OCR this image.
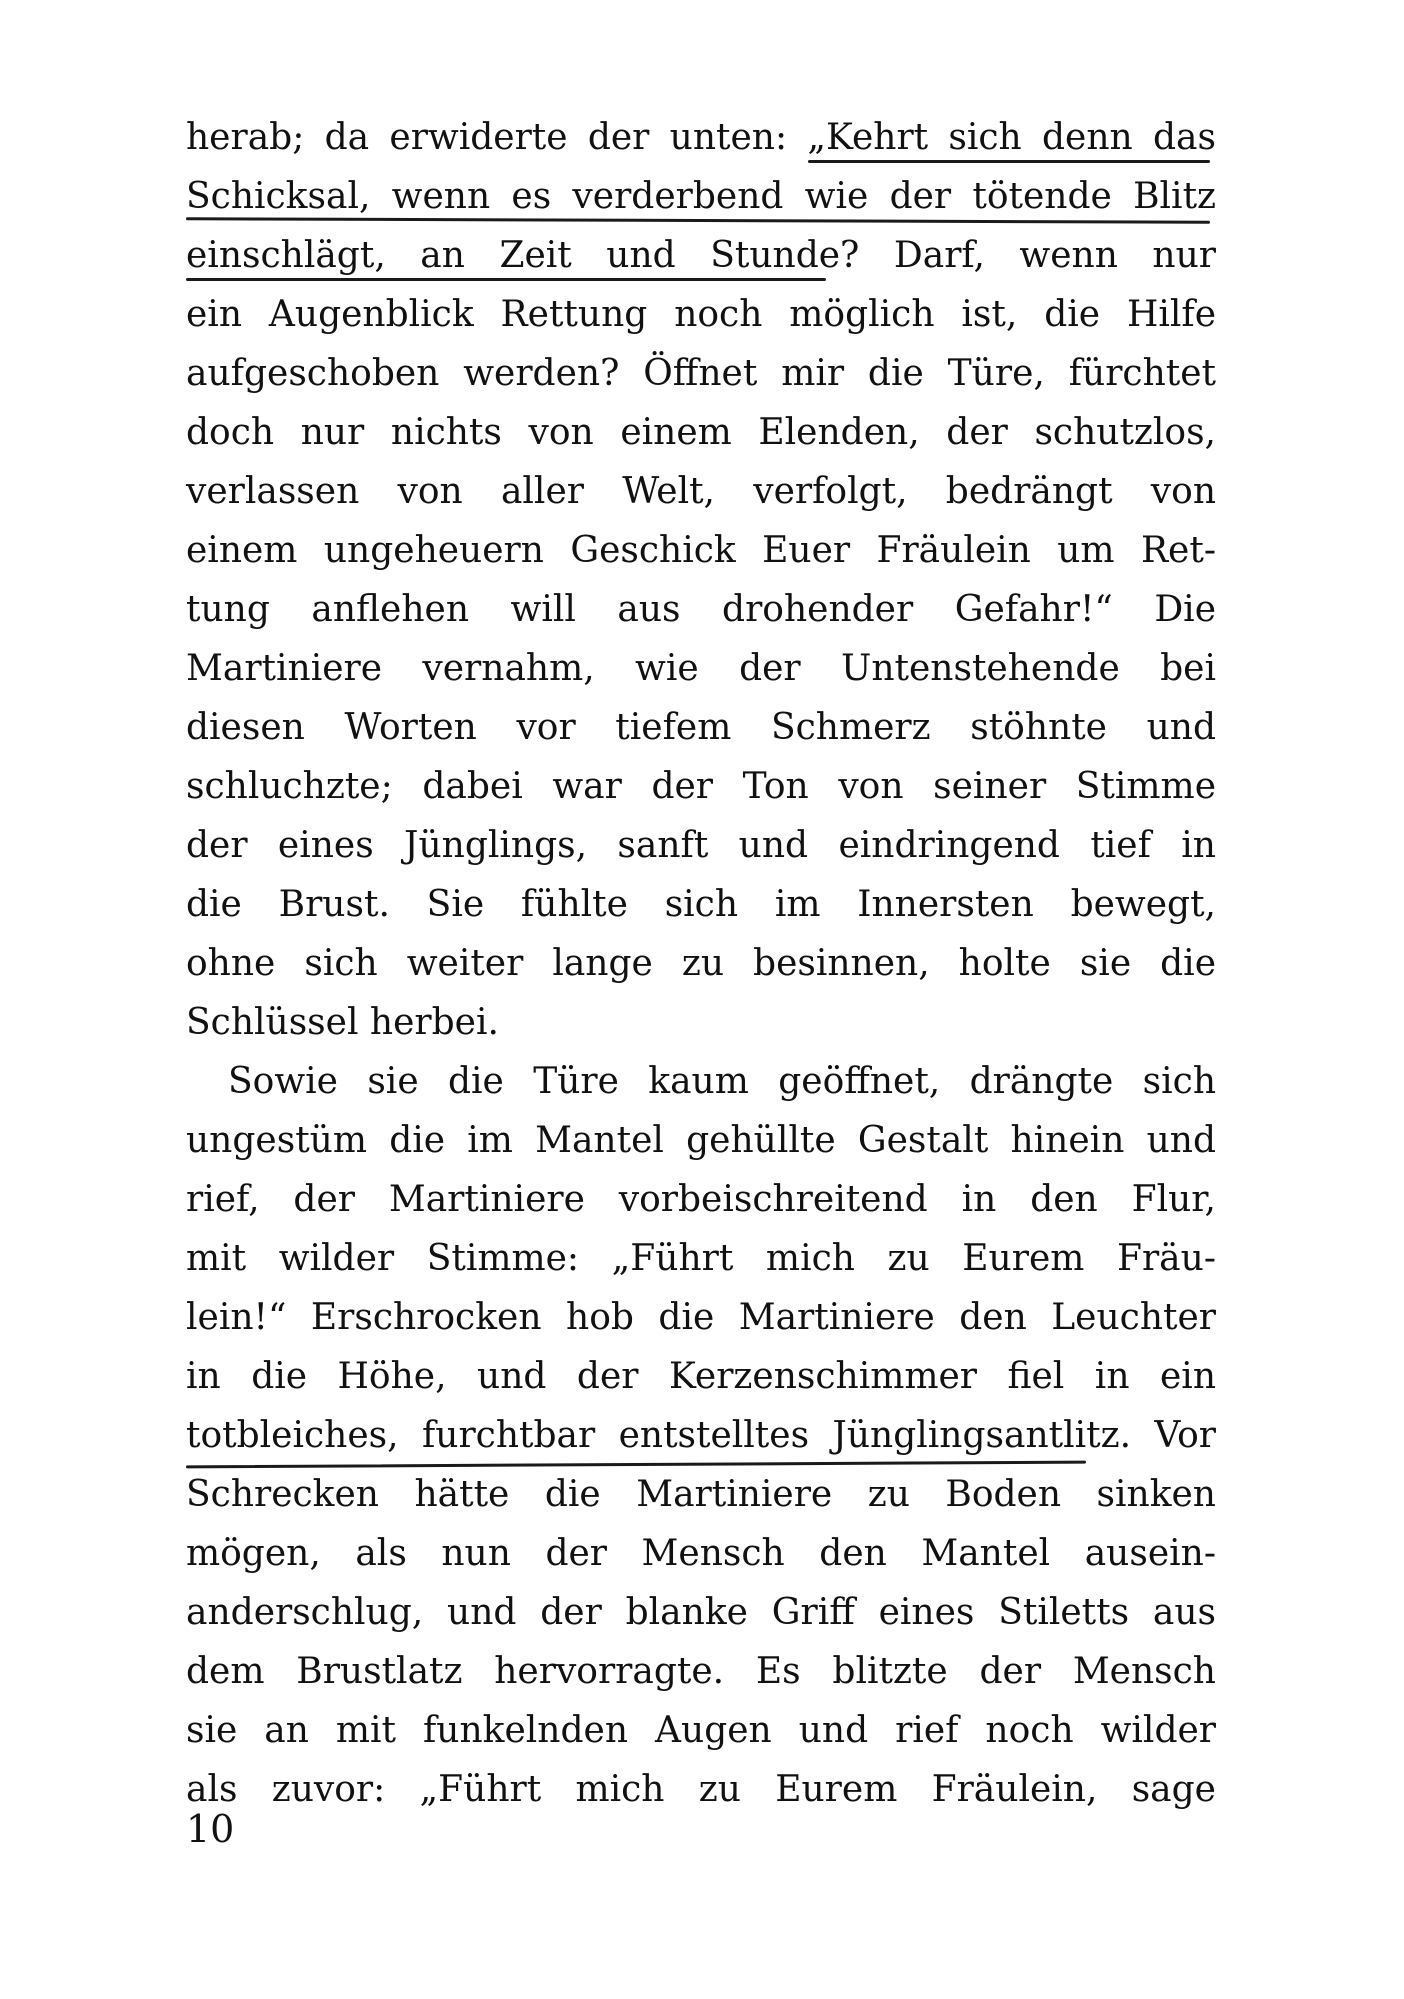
herab; da erwiderte der unten: „Kehrt sich denn das
Schicksal, wenn es verderbend wie der tötende Blitz
einschlägt, an Zeit und Stunde? Darf, wenn nur
ein Augenblick Rettung noch möglich ist, die Hilfe
aufgeschoben werden? Öffnet mir die Türe, fürchtet
doch nur nichts von einem Elenden, der schutzlos,
verlassen von aller Welt, verfolgt, bedrängt von
einem ungeheuern Geschick Euer Fräulein um Ret-
tung anflehen will aus drohender Gefahr!“ Die
Martiniere vernahm, wie der Untenstehende bei
diesen Worten vor tiefem Schmerz stöhnte und
schluchzte; dabei war der Ton von seiner Stimme
der eines Jünglings, sanft und eindringend tief in
die Brust. Sie fühlte sich im Innersten bewegt,
ohne sich weiter lange zu besinnen, holte sie die
Schlüssel herbei.
Sowie sie die Türe kaum geöffnet, drängte sich
ungestüm die im Mantel gehüllte Gestalt hinein und
rief, der Martiniere vorbeischreitend in den Flur,
mit wilder Stimme: „Führt mich zu Eurem Fräu-
lein!“ Erschrocken hob die Martiniere den Leuchter
in die Höhe, und der Kerzenschimmer fiel in ein
totbleiches, furchtbar entstelltes Jünglingsantlitz. Vor
Schrecken hätte die Martiniere zu Boden sinken
mögen, als nun der Mensch den Mantel ausein-
anderschlug, und der blanke Griff eines Stiletts aus
dem Brustlatz hervorragte. Es blitzte der Mensch
sie an mit funkelnden Augen und rief noch wilder
als zuvor: „Führt mich zu Eurem Fräulein, sage
10
